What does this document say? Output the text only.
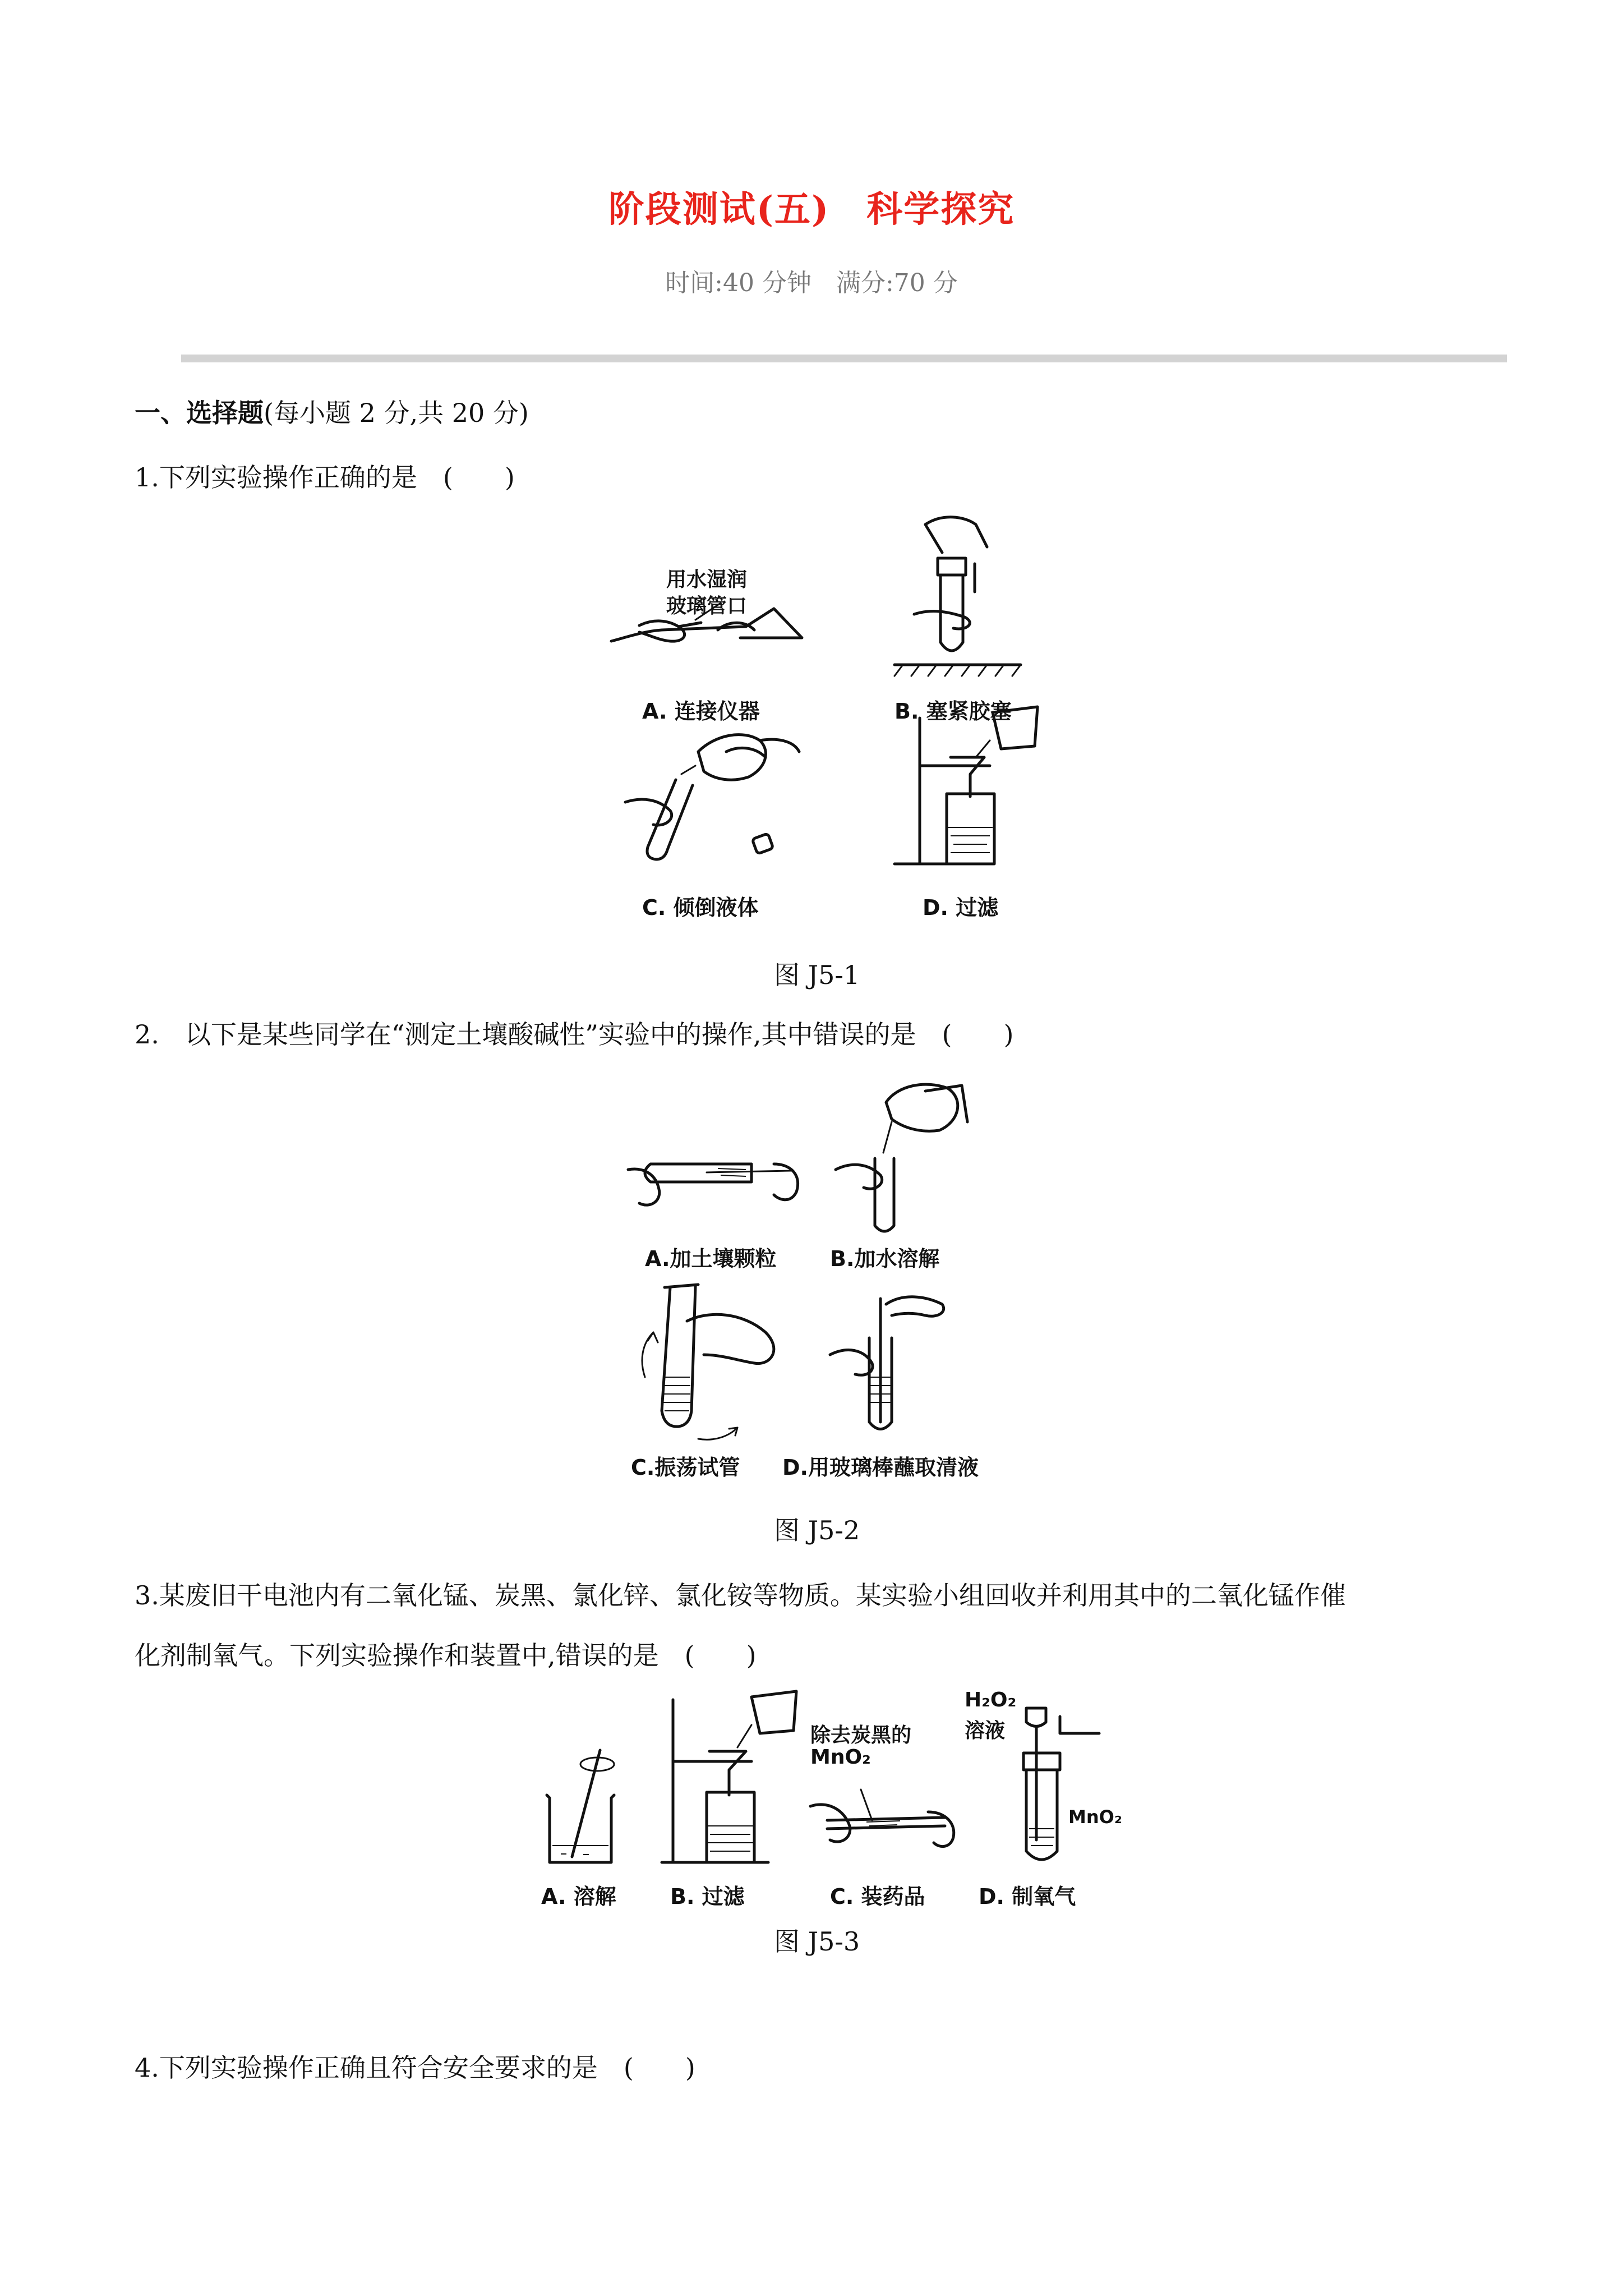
阶段测试(五)　科学探究
时间:40 分钟　满分:70 分
一、选择题(每小题 2 分,共 20 分)
1.下列实验操作正确的是　(　　)
用水湿润
玻璃管口
A. 连接仪器	B. 塞紧胶塞
C. 倾倒液体	D. 过滤
图 J5-1
2.　以下是某些同学在“测定土壤酸碱性”实验中的操作,其中错误的是　(　　)
A.加土壤颗粒	B.加水溶解
C.振荡试管 D.用玻璃棒蘸取清液
图 J5-2
3.某废旧干电池内有二氧化锰、炭黑、氯化锌、氯化铵等物质。某实验小组回收并利用其中的二氧化锰作催
化剂制氧气。下列实验操作和装置中,错误的是　(　　)
A. 溶解	B. 过滤
除去炭黑的
MnO₂
C. 装药品
H₂O₂
溶液
MnO₂
D. 制氧气
图 J5-3
4.下列实验操作正确且符合安全要求的是　(　　)
